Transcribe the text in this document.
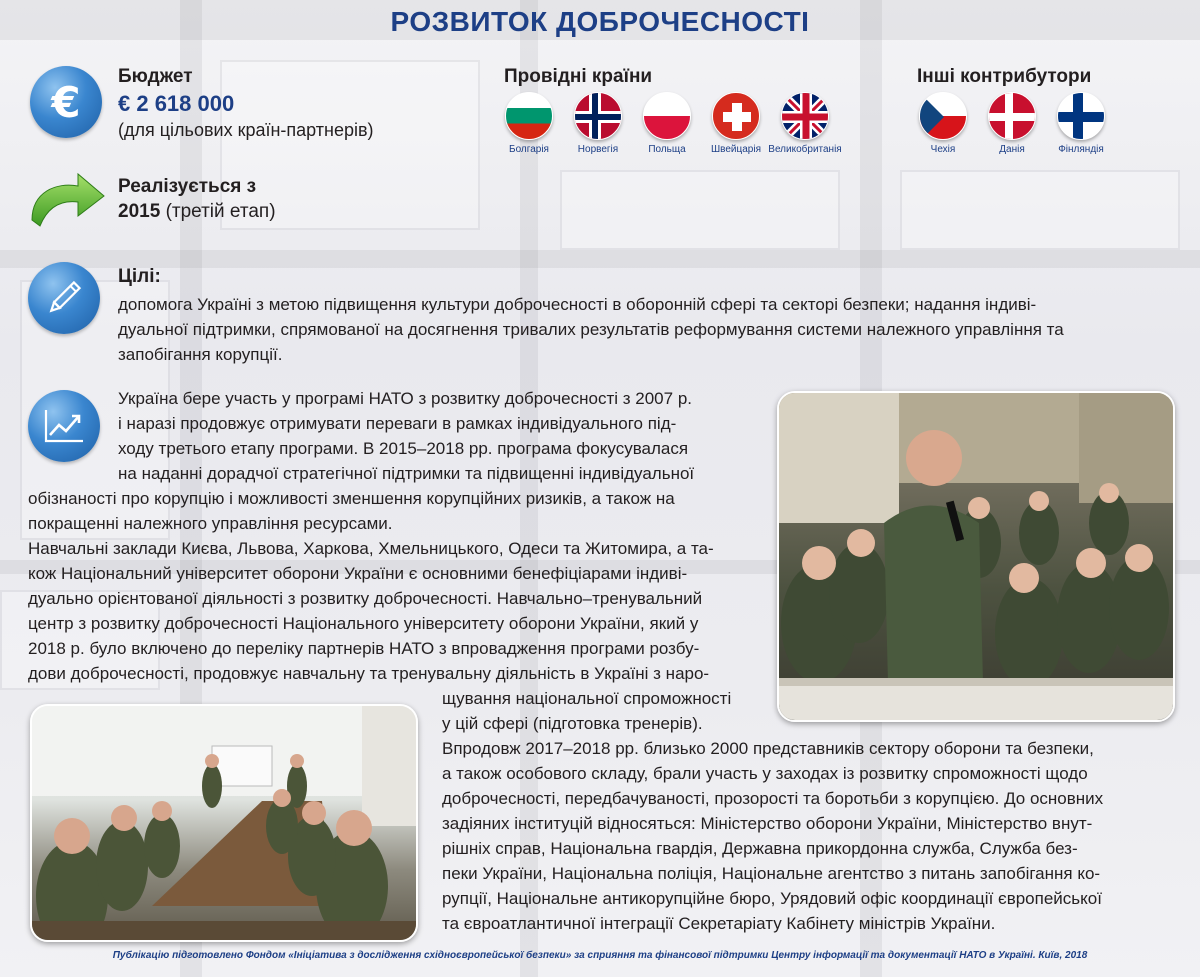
РОЗВИТОК ДОБРОЧЕСНОСТІ
€
Бюджет
€ 2 618 000
(для цільових країн-партнерів)
Реалізується з
2015 (третій етап)
Провідні країни
Болгарія	Норвегія	Польща	Швейцарія Великобританія
Інші контрибутори
Чехія	Данія	Фінляндія
Цілі:
допомога Україні з метою підвищення культури доброчесності в оборонній сфері та секторі безпеки; надання індиві-
дуальної підтримки, спрямованої на досягнення тривалих результатів реформування системи належного управління та
запобігання корупції.
Україна бере участь у програмі НАТО з розвитку доброчесності з 2007 р.
і наразі продовжує отримувати переваги в рамках індивідуального під-
ходу третього етапу програми. В 2015–2018 рр. програма фокусувалася
на наданні дорадчої стратегічної підтримки та підвищенні індивідуальної
обізнаності про корупцію і можливості зменшення корупційних ризиків, а також на
покращенні належного управління ресурсами.
Навчальні заклади Києва, Львова, Харкова, Хмельницького, Одеси та Житомира, а та-
кож Національний університет оборони України є основними бенефіціарами індиві-
дуально орієнтованої діяльності з розвитку доброчесності. Навчально–тренувальний
центр з розвитку доброчесності Національного університету оборони України, який у
2018 р. було включено до переліку партнерів НАТО з впровадження програми розбу-
дови доброчесності, продовжує навчальну та тренувальну діяльність в Україні з наро-
щування національної спроможності
у цій сфері (підготовка тренерів).
Впродовж 2017–2018 рр. близько 2000 представників сектору оборони та безпеки,
а також особового складу, брали участь у заходах із розвитку спроможності щодо
доброчесності, передбачуваності, прозорості та боротьби з корупцією. До основних
задіяних інституцій відносяться: Міністерство оборони України, Міністерство внут-
рішніх справ, Національна гвардія, Державна прикордонна служба, Служба без-
пеки України, Національна поліція, Національне агентство з питань запобігання ко-
рупції, Національне антикорупційне бюро, Урядовий офіс координації європейської
та євроатлантичної інтеграції Секретаріату Кабінету міністрів України.
Публікацію підготовлено Фондом «Ініціатива з дослідження східноєвропейської безпеки» за сприяння та фінансової підтримки Центру інформації та документації НАТО в Україні. Київ, 2018
